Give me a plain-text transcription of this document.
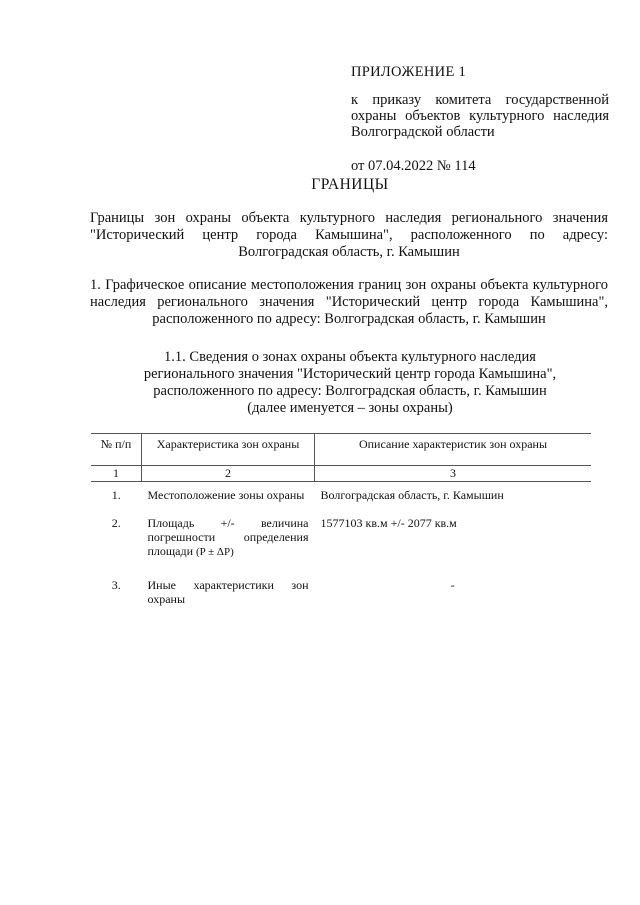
ПРИЛОЖЕНИЕ 1
к приказу комитета государственной охраны объектов культурного наследия Волгоградской области
от 07.04.2022 № 114
ГРАНИЦЫ
Границы зон охраны объекта культурного наследия регионального значения "Исторический центр города Камышина", расположенного по адресу: Волгоградская область, г. Камышин
1. Графическое описание местоположения границ зон охраны объекта культурного наследия регионального значения "Исторический центр города Камышина", расположенного по адресу: Волгоградская область, г. Камышин
1.1. Сведения о зонах охраны объекта культурного наследия
регионального значения "Исторический центр города Камышина",
расположенного по адресу: Волгоградская область, г. Камышин
(далее именуется – зоны охраны)
№ п/п	Характеристика зон охраны	Описание характеристик зон охраны
1	2	3
1.	Местоположение зоны охраны	Волгоградская область, г. Камышин
2.	Площадь +/- величина погрешности определения площади (P ± ΔP)	1577103 кв.м +/- 2077 кв.м
3.	Иные характеристики зон охраны	-
